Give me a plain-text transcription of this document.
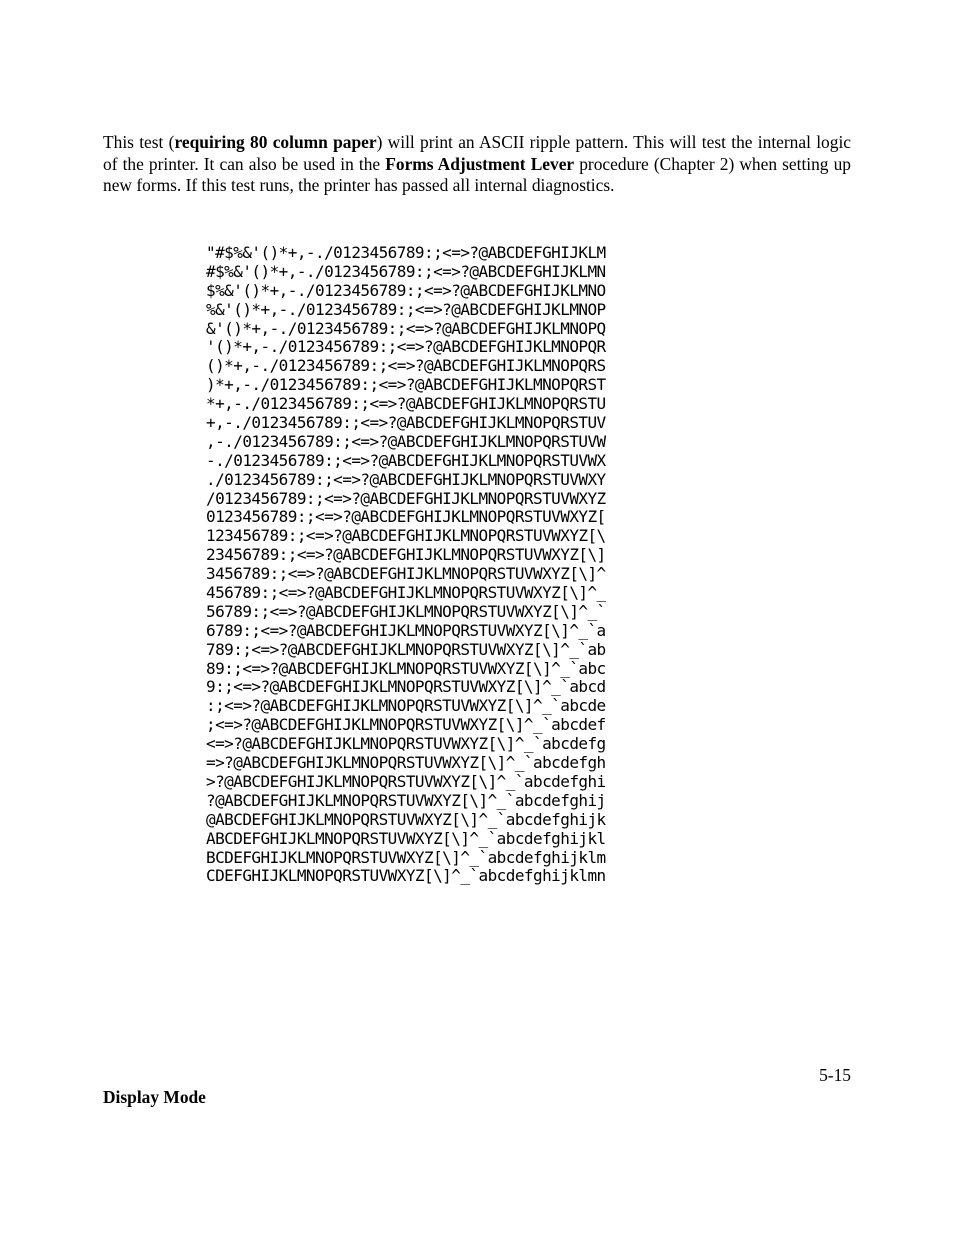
This test (requiring 80 column paper) will print an ASCII ripple pattern. This will test the internal logic of the printer. It can also be used in the Forms Adjustment Lever procedure (Chapter 2) when setting up new forms. If this test runs, the printer has passed all internal diagnostics.

"#$%&'()*+,-./0123456789:;<=>?@ABCDEFGHIJKLM
#$%&'()*+,-./0123456789:;<=>?@ABCDEFGHIJKLMN
$%&'()*+,-./0123456789:;<=>?@ABCDEFGHIJKLMNO
%&'()*+,-./0123456789:;<=>?@ABCDEFGHIJKLMNOP
&'()*+,-./0123456789:;<=>?@ABCDEFGHIJKLMNOPQ
'()*+,-./0123456789:;<=>?@ABCDEFGHIJKLMNOPQR
()*+,-./0123456789:;<=>?@ABCDEFGHIJKLMNOPQRS
)*+,-./0123456789:;<=>?@ABCDEFGHIJKLMNOPQRST
*+,-./0123456789:;<=>?@ABCDEFGHIJKLMNOPQRSTU
+,-./0123456789:;<=>?@ABCDEFGHIJKLMNOPQRSTUV
,-./0123456789:;<=>?@ABCDEFGHIJKLMNOPQRSTUVW
-./0123456789:;<=>?@ABCDEFGHIJKLMNOPQRSTUVWX
./0123456789:;<=>?@ABCDEFGHIJKLMNOPQRSTUVWXY
/0123456789:;<=>?@ABCDEFGHIJKLMNOPQRSTUVWXYZ
0123456789:;<=>?@ABCDEFGHIJKLMNOPQRSTUVWXYZ[
123456789:;<=>?@ABCDEFGHIJKLMNOPQRSTUVWXYZ[\
23456789:;<=>?@ABCDEFGHIJKLMNOPQRSTUVWXYZ[\]
3456789:;<=>?@ABCDEFGHIJKLMNOPQRSTUVWXYZ[\]^
456789:;<=>?@ABCDEFGHIJKLMNOPQRSTUVWXYZ[\]^_
56789:;<=>?@ABCDEFGHIJKLMNOPQRSTUVWXYZ[\]^_`
6789:;<=>?@ABCDEFGHIJKLMNOPQRSTUVWXYZ[\]^_`a
789:;<=>?@ABCDEFGHIJKLMNOPQRSTUVWXYZ[\]^_`ab
89:;<=>?@ABCDEFGHIJKLMNOPQRSTUVWXYZ[\]^_`abc
9:;<=>?@ABCDEFGHIJKLMNOPQRSTUVWXYZ[\]^_`abcd
:;<=>?@ABCDEFGHIJKLMNOPQRSTUVWXYZ[\]^_`abcde
;<=>?@ABCDEFGHIJKLMNOPQRSTUVWXYZ[\]^_`abcdef
<=>?@ABCDEFGHIJKLMNOPQRSTUVWXYZ[\]^_`abcdefg
=>?@ABCDEFGHIJKLMNOPQRSTUVWXYZ[\]^_`abcdefgh
>?@ABCDEFGHIJKLMNOPQRSTUVWXYZ[\]^_`abcdefghi
?@ABCDEFGHIJKLMNOPQRSTUVWXYZ[\]^_`abcdefghij
@ABCDEFGHIJKLMNOPQRSTUVWXYZ[\]^_`abcdefghijk
ABCDEFGHIJKLMNOPQRSTUVWXYZ[\]^_`abcdefghijkl
BCDEFGHIJKLMNOPQRSTUVWXYZ[\]^_`abcdefghijklm
CDEFGHIJKLMNOPQRSTUVWXYZ[\]^_`abcdefghijklmn
5-15
Display Mode
